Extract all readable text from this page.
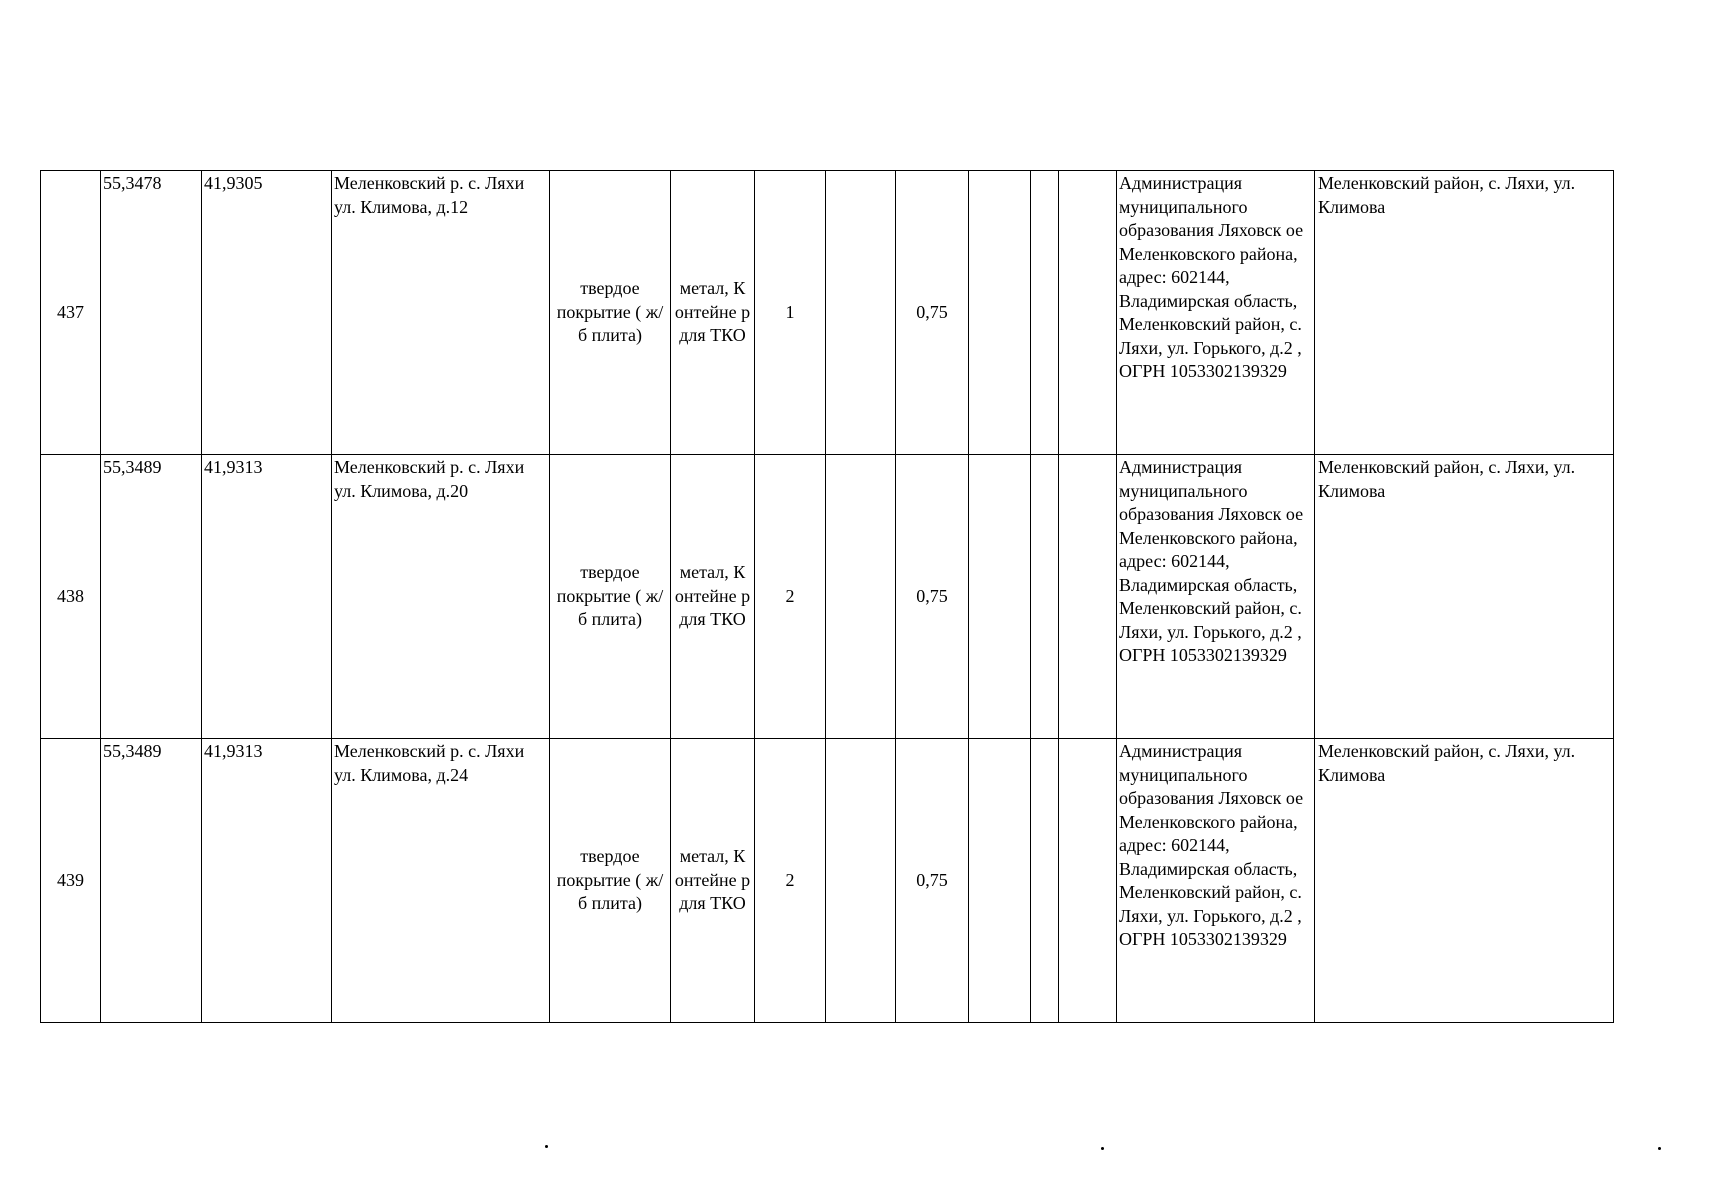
437	55,3478	41,9305	Меленковский р. с. Ляхи ул. Климова, д.12	твердое покрытие ( ж/б плита)	метал, К онтейне р для ТКО	1		0,75				Администрация муниципального образования Ляховск ое Меленковского района, адрес: 602144, Владимирская область, Меленковский район, с. Ляхи, ул. Горького, д.2 , ОГРН 1053302139329	Меленковский район, с. Ляхи, ул. Климова
438	55,3489	41,9313	Меленковский р. с. Ляхи ул. Климова, д.20	твердое покрытие ( ж/б плита)	метал, К онтейне р для ТКО	2		0,75				Администрация муниципального образования Ляховск ое Меленковского района, адрес: 602144, Владимирская область, Меленковский район, с. Ляхи, ул. Горького, д.2 , ОГРН 1053302139329	Меленковский район, с. Ляхи, ул. Климова
439	55,3489	41,9313	Меленковский р. с. Ляхи ул. Климова, д.24	твердое покрытие ( ж/б плита)	метал, К онтейне р для ТКО	2		0,75				Администрация муниципального образования Ляховск ое Меленковского района, адрес: 602144, Владимирская область, Меленковский район, с. Ляхи, ул. Горького, д.2 , ОГРН 1053302139329	Меленковский район, с. Ляхи, ул. Климова
